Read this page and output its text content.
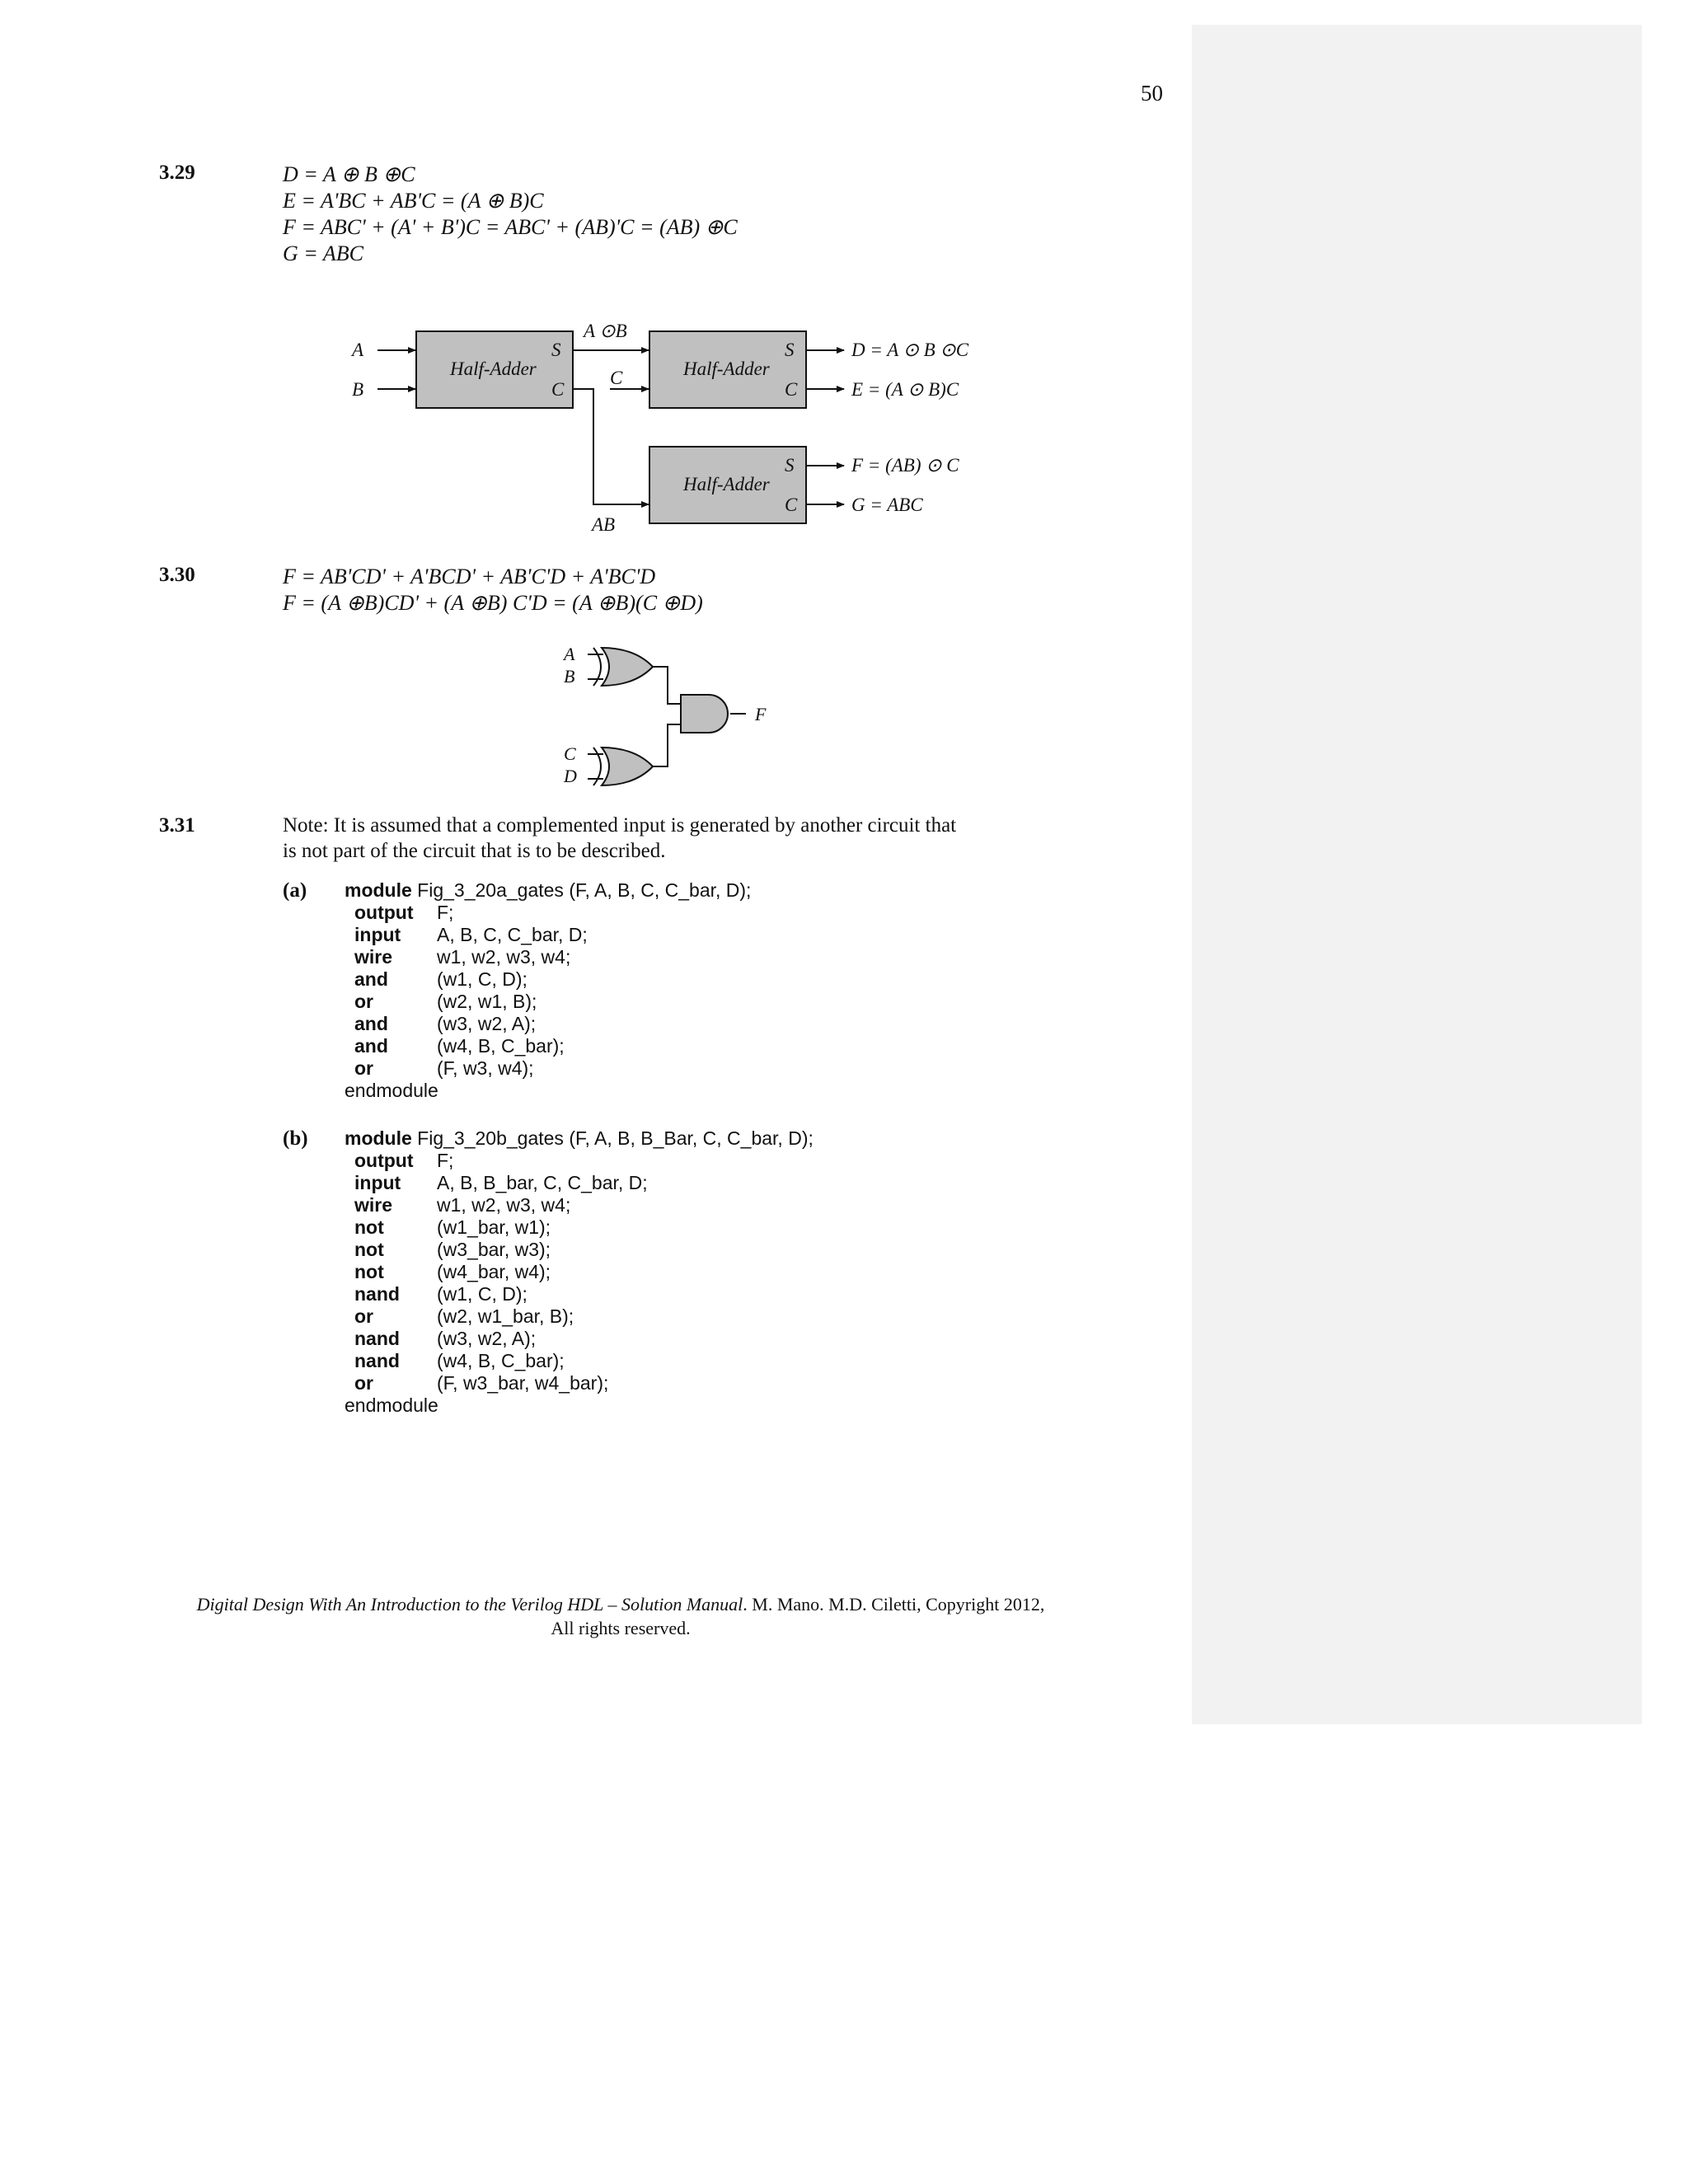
50
3.29	D = A ⊕ B ⊕C
E = A'BC + AB'C = (A ⊕ B)C
F = ABC' + (A' + B')C = ABC' + (AB)'C = (AB) ⊕C
G = ABC
Half-Adder	Half-Adder
Half-Adder
S
C
S
C
S
C
A
B
A ⊙B
C
AB
D = A ⊙ B ⊙C
E = (A ⊙ B)C
F = (AB) ⊙ C
G = ABC
3.30	F = AB'CD' + A'BCD' + AB'C'D + A'BC'D
F = (A ⊕B)CD' + (A ⊕B) C'D = (A ⊕B)(C ⊕D)
A
B
C
D
F
3.31	Note: It is assumed that a complemented input is generated by another circuit that
is not part of the circuit that is to be described.
(a) module Fig_3_20a_gates (F, A, B, C, C_bar, D);
output F;
input A, B, C, C_bar, D;
wire w1, w2, w3, w4;
and	(w1, C, D);
or	(w2, w1, B);
and	(w3, w2, A);
and	(w4, B, C_bar);
or	(F, w3, w4);
endmodule
(b) module Fig_3_20b_gates (F, A, B, B_Bar, C, C_bar, D);
output F;
input A, B, B_bar, C, C_bar, D;
wire w1, w2, w3, w4;
not	(w1_bar, w1);
not	(w3_bar, w3);
not	(w4_bar, w4);
nand (w1, C, D);
or	(w2, w1_bar, B);
nand (w3, w2, A);
nand (w4, B, C_bar);
or	(F, w3_bar, w4_bar);
endmodule
Digital Design With An Introduction to the Verilog HDL – Solution Manual. M. Mano. M.D. Ciletti, Copyright 2012,
All rights reserved.
